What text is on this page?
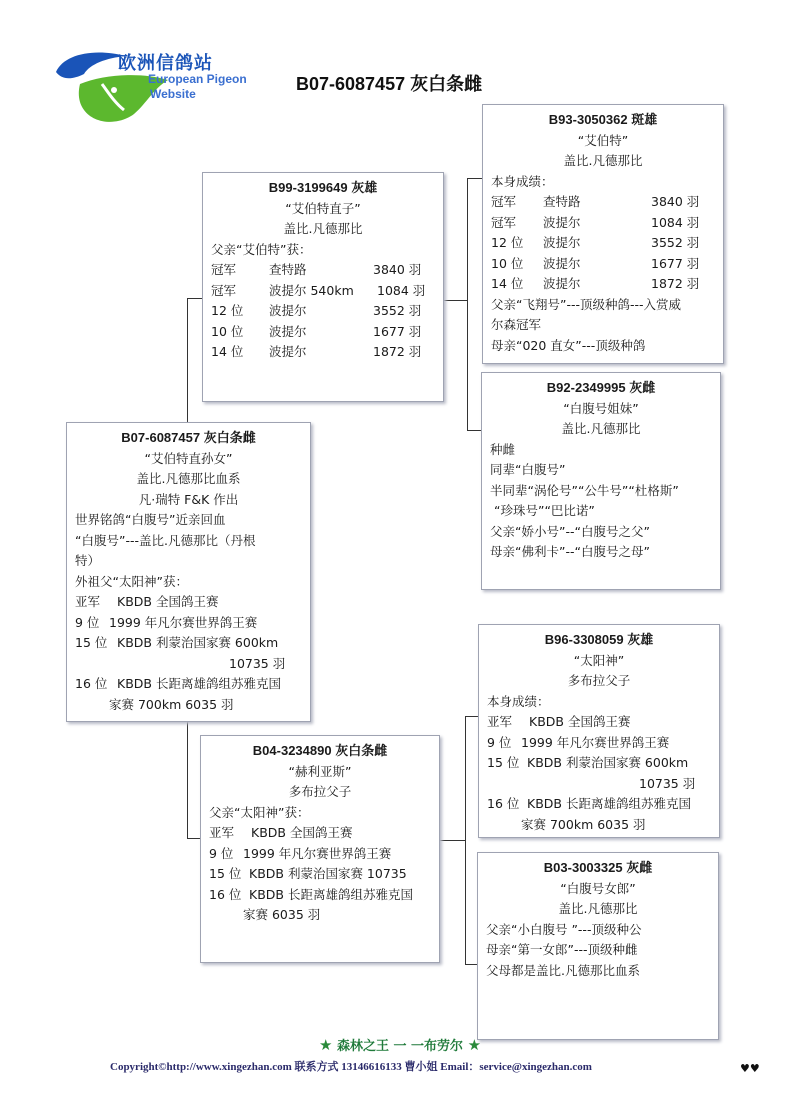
欧洲信鸽站
European Pigeon
Website	B07-6087457 灰白条雌
B07-6087457 灰白条雌
“艾伯特直孙女”
盖比.凡德那比血系
凡·瑞特 F&K 作出
世界铭鸽“白腹号”近亲回血
“白腹号”---盖比.凡德那比（丹根
特）
外祖父“太阳神”获：
亚军 KBDB 全国鸽王赛
9 位 1999 年凡尔赛世界鸽王赛
15 位 KBDB 利蒙治国家赛 600km
10735 羽
16 位 KBDB 长距离雄鸽组苏雅克国
家赛 700km 6035 羽
B99-3199649 灰雄
“艾伯特直子”
盖比.凡德那比
父亲“艾伯特”获：
冠军	查特路	3840 羽
冠军	波提尔 540km 1084 羽
12 位 波提尔	3552 羽
10 位 波提尔	1677 羽
14 位 波提尔	1872 羽
B93-3050362 斑雄
“艾伯特”
盖比.凡德那比
本身成绩：
冠军 查特路	3840 羽
冠军 波提尔	1084 羽
12 位 波提尔	3552 羽
10 位 波提尔	1677 羽
14 位 波提尔	1872 羽
父亲“飞翔号”---顶级种鸽---入赏威
尔森冠军
母亲“020 直女”---顶级种鸽
B92-2349995 灰雌
“白腹号姐妹”
盖比.凡德那比
种雌
同辈“白腹号”
半同辈“涡伦号”“公牛号”“杜格斯”
“珍珠号”“巴比诺”
父亲“娇小号”--“白腹号之父”
母亲“佛利卡”--“白腹号之母”
B04-3234890 灰白条雌
“赫利亚斯”
多布拉父子
父亲“太阳神”获：
亚军 KBDB 全国鸽王赛
9 位 1999 年凡尔赛世界鸽王赛
15 位 KBDB 利蒙治国家赛 10735
16 位 KBDB 长距离雄鸽组苏雅克国
家赛 6035 羽
B96-3308059 灰雄
“太阳神”
多布拉父子
本身成绩：
亚军 KBDB 全国鸽王赛
9 位 1999 年凡尔赛世界鸽王赛
15 位 KBDB 利蒙治国家赛 600km
10735 羽
16 位 KBDB 长距离雄鸽组苏雅克国
家赛 700km 6035 羽
B03-3003325 灰雌
“白腹号女郎”
盖比.凡德那比
父亲“小白腹号 ”---顶级种公
母亲“第一女郎”---顶级种雌
父母都是盖比.凡德那比血系
★ 森林之王 一 一布劳尔 ★
Copyright©http://www.xingezhan.com 联系方式 13146616133 曹小姐 Email：service@xingezhan.com	♥♥
